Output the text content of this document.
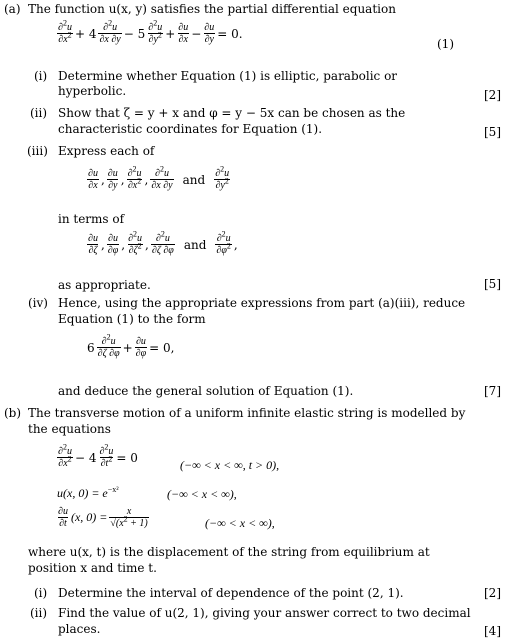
(a) The function u(x, y) satisfies the partial differential equation
$\frac{\partial^2u}{\partial x^2} + 4 \frac{\partial^2u}{\partial x \partial y} - 5 \frac{\partial^2u}{\partial y^2} + \frac{\partial u}{\partial x} - \frac{\partial u}{\partial y} = 0$.
(1)
(i) Determine whether Equation (1) is elliptic, parabolic or
hyperbolic.	[2]
(ii) Show that ζ = y + x and φ = y − 5x can be chosen as the
characteristic coordinates for Equation (1).	[5]
(iii) Express each of
$\frac{\partial u}{\partial x}$ , $\frac{\partial u}{\partial y}$ , $\frac{\partial^2u}{\partial x^2}$ , $\frac{\partial^2u}{\partial x \partial y}$ and $\frac{\partial^2u}{\partial y^2}$
in terms of
$\frac{\partial u}{\partial\zeta}$ , $\frac{\partial u}{\partial\varphi}$ , $\frac{\partial^2u}{\partial\zeta^2}$ , $\frac{\partial^2u}{\partial\zeta \partial\varphi}$ and $\frac{\partial^2u}{\partial\varphi^2}$ ,
as appropriate.	[5]
(iv) Hence, using the appropriate expressions from part (a)(iii), reduce
Equation (1) to the form
$6 \frac{\partial^2u}{\partial\zeta \partial\varphi} + \frac{\partial u}{\partial\varphi} = 0$,
and deduce the general solution of Equation (1).	[7]
(b) The transverse motion of a uniform infinite elastic string is modelled by
the equations
$\frac{\partial^2u}{\partial x^2} - 4 \frac{\partial^2u}{\partial t^2} = 0$
(−∞ < x < ∞, t > 0),
u(x, $0) = e^{-x^2}$	(−∞ < x < ∞),
$\frac{\partial u}{\partial t} (x$, $0) = \frac{x}{√(x^2 + 1)}$	(−∞ < x < ∞),
where u(x, t) is the displacement of the string from equilibrium at
position x and time t.
(i) Determine the interval of dependence of the point (2, 1).	[2]
(ii) Find the value of u(2, 1), giving your answer correct to two decimal
places.	[4]
